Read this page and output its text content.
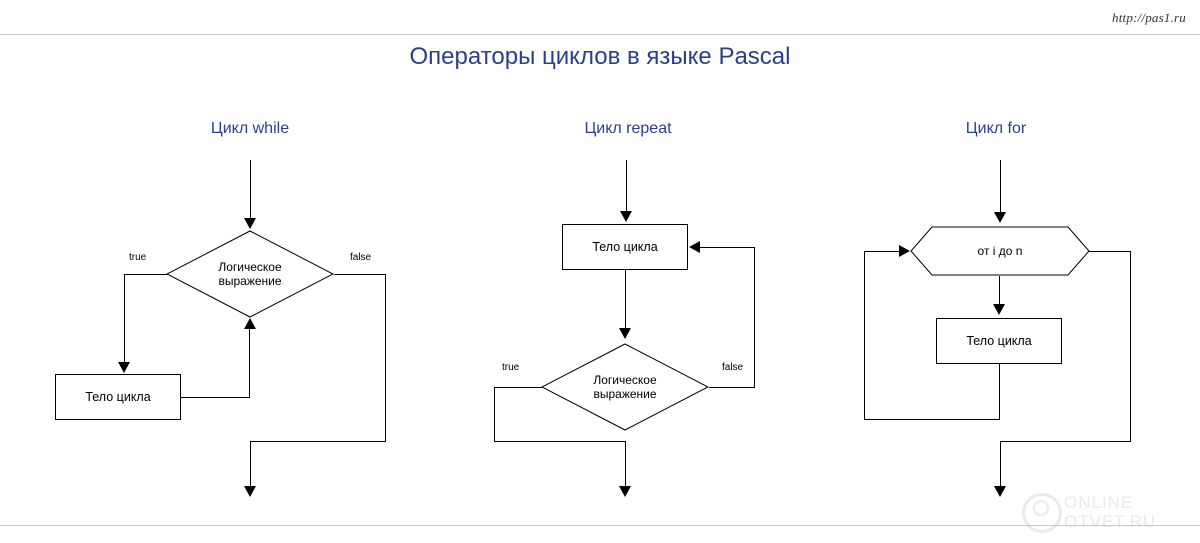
http://pas1.ru
Операторы циклов в языке Pascal
Цикл while	Цикл repeat	Цикл for
Логическое
выражение
true	false
Тело цикла
Тело цикла
Логическое
выражение
true	false
от i до n
Тело цикла
ONLINE
OTVET.RU
